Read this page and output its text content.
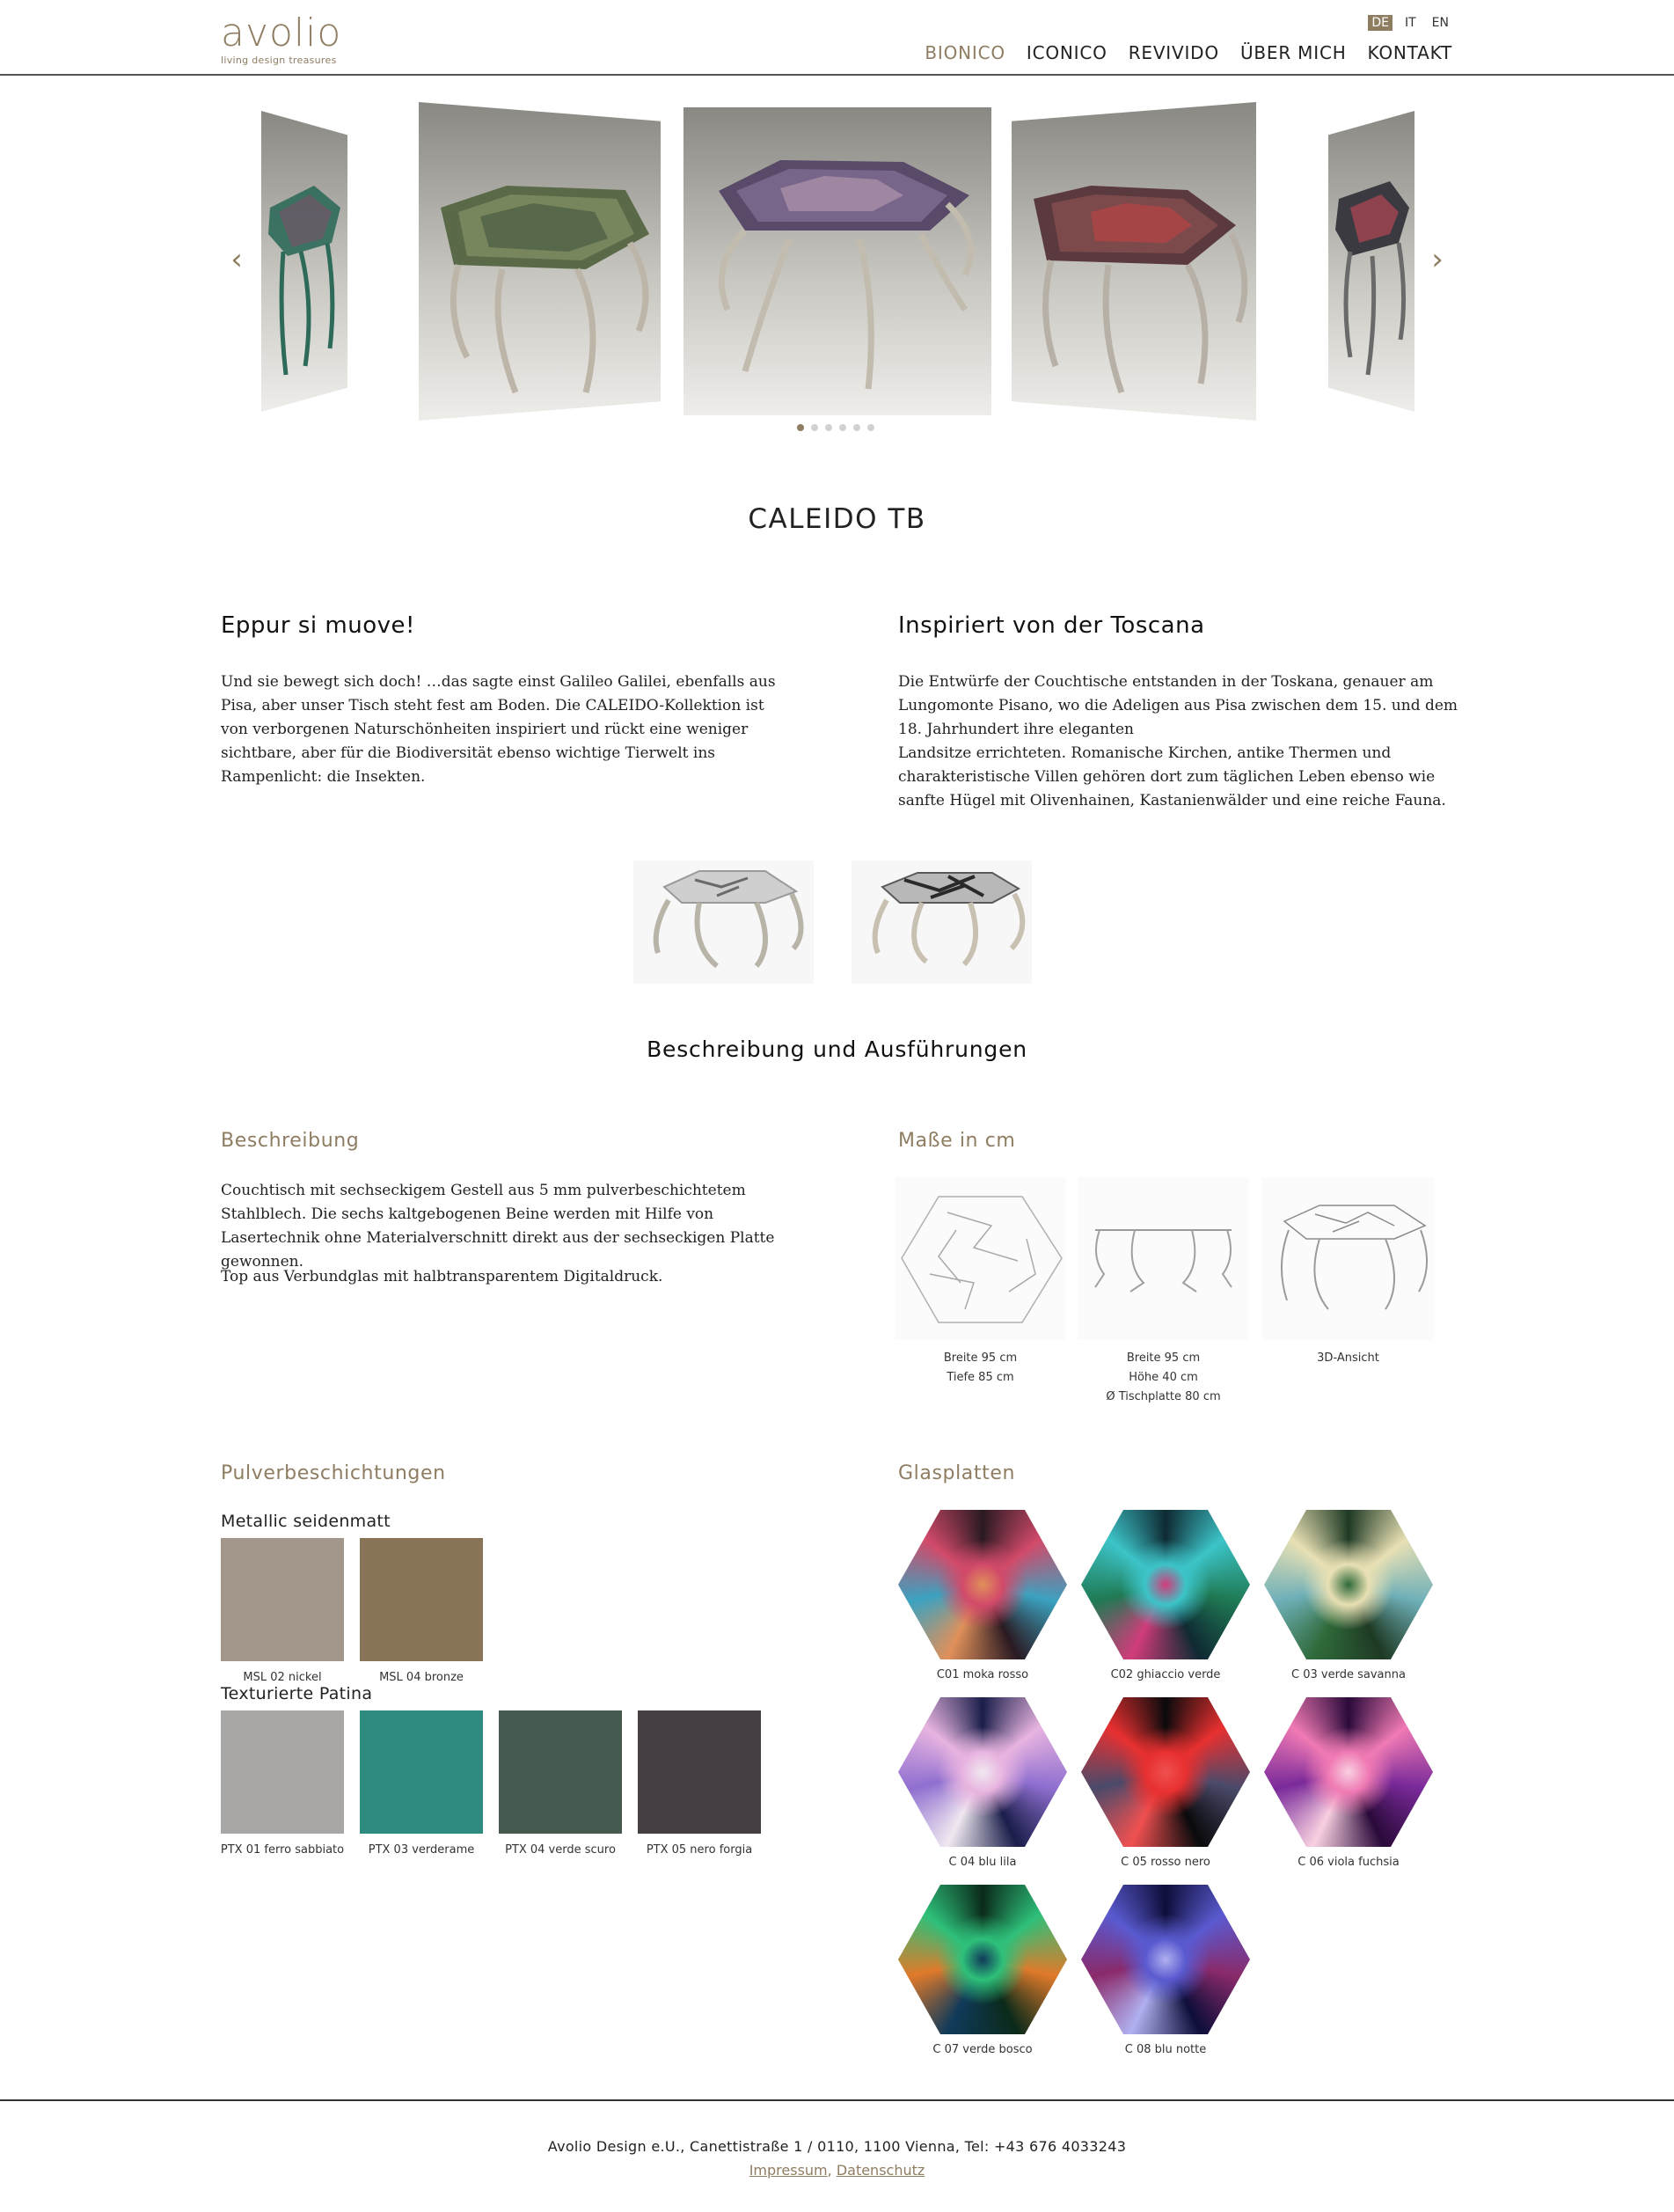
avolio
living design treasures
DE IT EN
BIONICO ICONICO REVIVIDO ÜBER MICH KONTAKT
‹	›
CALEIDO TB
Eppur si muove!
Und sie bewegt sich doch! …das sagte einst Galileo Galilei, ebenfalls aus Pisa, aber unser Tisch steht fest am Boden. Die CALEIDO-Kollektion ist von verborgenen Naturschönheiten inspiriert und rückt eine weniger sichtbare, aber für die Biodiversität ebenso wichtige Tierwelt ins Rampenlicht: die Insekten.
Inspiriert von der Toscana
Die Entwürfe der Couchtische entstanden in der Toskana, genauer am Lungomonte Pisano, wo die Adeligen aus Pisa zwischen dem 15. und dem 18. Jahrhundert ihre eleganten
Landsitze errichteten. Romanische Kirchen, antike Thermen und charakteristische Villen gehören dort zum täglichen Leben ebenso wie sanfte Hügel mit Olivenhainen, Kastanienwälder und eine reiche Fauna.
Beschreibung und Ausführungen
Beschreibung
Couchtisch mit sechseckigem Gestell aus 5 mm pulverbeschichtetem Stahlblech. Die sechs kaltgebogenen Beine werden mit Hilfe von Lasertechnik ohne Materialverschnitt direkt aus der sechseckigen Platte gewonnen.
Top aus Verbundglas mit halbtransparentem Digitaldruck.
Maße in cm
Breite 95 cm
Tiefe 85 cm
Breite 95 cm
Höhe 40 cm
Ø Tischplatte 80 cm
3D-Ansicht
Pulverbeschichtungen
Metallic seidenmatt
MSL 02 nickel	MSL 04 bronze
Texturierte Patina
PTX 01 ferro sabbiato	PTX 03 verderame	PTX 04 verde scuro	PTX 05 nero forgia
Glasplatten
C01 moka rosso	C02 ghiaccio verde	C 03 verde savanna
C 04 blu lila	C 05 rosso nero	C 06 viola fuchsia
C 07 verde bosco	C 08 blu notte
Avolio Design e.U., Canettistraße 1 / 0110, 1100 Vienna, Tel: +43 676 4033243
Impressum, Datenschutz
